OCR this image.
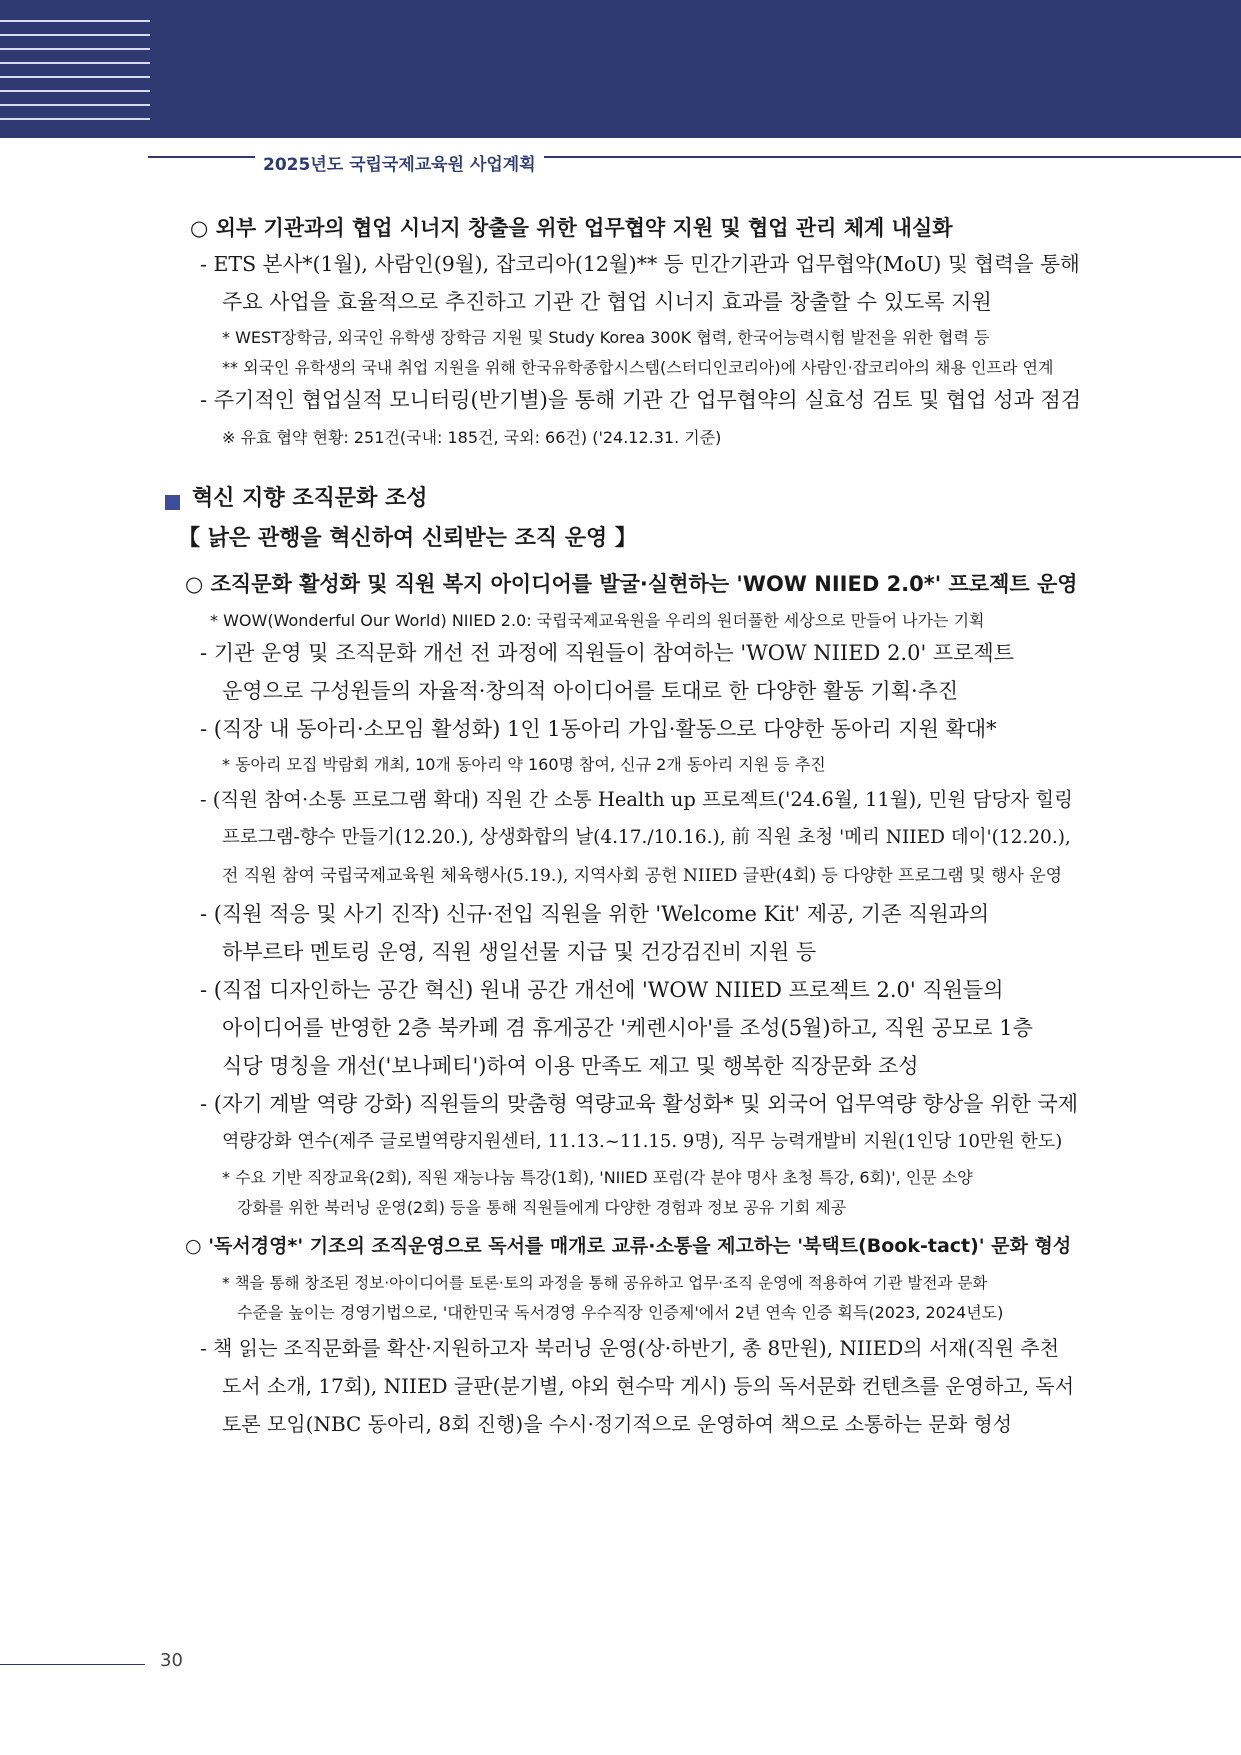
2025년도 국립국제교육원 사업계획
○ 외부 기관과의 협업 시너지 창출을 위한 업무협약 지원 및 협업 관리 체계 내실화
- ETS 본사*(1월), 사람인(9월), 잡코리아(12월)** 등 민간기관과 업무협약(MoU) 및 협력을 통해
주요 사업을 효율적으로 추진하고 기관 간 협업 시너지 효과를 창출할 수 있도록 지원
* WEST장학금, 외국인 유학생 장학금 지원 및 Study Korea 300K 협력, 한국어능력시험 발전을 위한 협력 등
** 외국인 유학생의 국내 취업 지원을 위해 한국유학종합시스템(스터디인코리아)에 사람인·잡코리아의 채용 인프라 연계
- 주기적인 협업실적 모니터링(반기별)을 통해 기관 간 업무협약의 실효성 검토 및 협업 성과 점검
※ 유효 협약 현황: 251건(국내: 185건, 국외: 66건) ('24.12.31. 기준)
혁신 지향 조직문화 조성
【 낡은 관행을 혁신하여 신뢰받는 조직 운영 】
○ 조직문화 활성화 및 직원 복지 아이디어를 발굴·실현하는 'WOW NIIED 2.0*' 프로젝트 운영
* WOW(Wonderful Our World) NIIED 2.0: 국립국제교육원을 우리의 원더풀한 세상으로 만들어 나가는 기획
- 기관 운영 및 조직문화 개선 전 과정에 직원들이 참여하는 'WOW NIIED 2.0' 프로젝트
운영으로 구성원들의 자율적·창의적 아이디어를 토대로 한 다양한 활동 기획·추진
- (직장 내 동아리·소모임 활성화) 1인 1동아리 가입·활동으로 다양한 동아리 지원 확대*
* 동아리 모집 박람회 개최, 10개 동아리 약 160명 참여, 신규 2개 동아리 지원 등 추진
- (직원 참여·소통 프로그램 확대) 직원 간 소통 Health up 프로젝트('24.6월, 11월), 민원 담당자 힐링
프로그램-향수 만들기(12.20.), 상생화합의 날(4.17./10.16.), 前 직원 초청 '메리 NIIED 데이'(12.20.),
전 직원 참여 국립국제교육원 체육행사(5.19.), 지역사회 공헌 NIIED 글판(4회) 등 다양한 프로그램 및 행사 운영
- (직원 적응 및 사기 진작) 신규·전입 직원을 위한 'Welcome Kit' 제공, 기존 직원과의
하부르타 멘토링 운영, 직원 생일선물 지급 및 건강검진비 지원 등
- (직접 디자인하는 공간 혁신) 원내 공간 개선에 'WOW NIIED 프로젝트 2.0' 직원들의
아이디어를 반영한 2층 북카페 겸 휴게공간 '케렌시아'를 조성(5월)하고, 직원 공모로 1층
식당 명칭을 개선('보나페티')하여 이용 만족도 제고 및 행복한 직장문화 조성
- (자기 계발 역량 강화) 직원들의 맞춤형 역량교육 활성화* 및 외국어 업무역량 향상을 위한 국제
역량강화 연수(제주 글로벌역량지원센터, 11.13.~11.15. 9명), 직무 능력개발비 지원(1인당 10만원 한도)
* 수요 기반 직장교육(2회), 직원 재능나눔 특강(1회), 'NIIED 포럼(각 분야 명사 초청 특강, 6회)', 인문 소양
강화를 위한 북러닝 운영(2회) 등을 통해 직원들에게 다양한 경험과 정보 공유 기회 제공
○ '독서경영*' 기조의 조직운영으로 독서를 매개로 교류·소통을 제고하는 '북택트(Book-tact)' 문화 형성
* 책을 통해 창조된 정보·아이디어를 토론·토의 과정을 통해 공유하고 업무·조직 운영에 적용하여 기관 발전과 문화
수준을 높이는 경영기법으로, '대한민국 독서경영 우수직장 인증제'에서 2년 연속 인증 획득(2023, 2024년도)
- 책 읽는 조직문화를 확산·지원하고자 북러닝 운영(상·하반기, 총 8만원), NIIED의 서재(직원 추천
도서 소개, 17회), NIIED 글판(분기별, 야외 현수막 게시) 등의 독서문화 컨텐츠를 운영하고, 독서
토론 모임(NBC 동아리, 8회 진행)을 수시·정기적으로 운영하여 책으로 소통하는 문화 형성
30
